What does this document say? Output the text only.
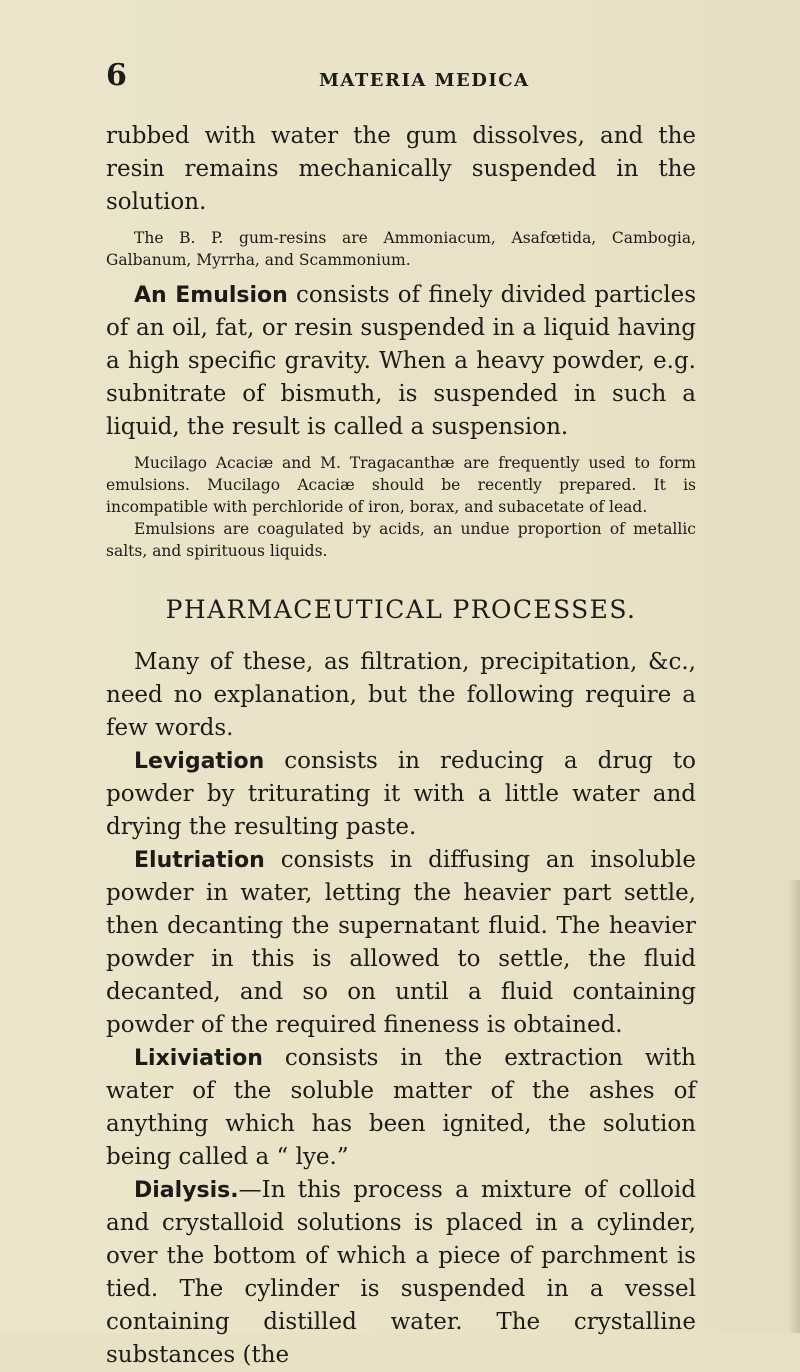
6	MATERIA MEDICA

rubbed with water the gum dissolves, and the resin remains mechanically suspended in the solution.

The B. P. gum-resins are Ammoniacum, Asafœtida, Cambogia, Galbanum, Myrrha, and Scammonium.

An Emulsion consists of finely divided particles of an oil, fat, or resin suspended in a liquid having a high specific gravity. When a heavy powder, e.g. subnitrate of bismuth, is suspended in such a liquid, the result is called a suspension.

Mucilago Acaciæ and M. Tragacanthæ are frequently used to form emulsions. Mucilago Acaciæ should be recently prepared. It is incompatible with perchloride of iron, borax, and subacetate of lead.

Emulsions are coagulated by acids, an undue proportion of metallic salts, and spirituous liquids.

PHARMACEUTICAL PROCESSES.

Many of these, as filtration, precipitation, &c., need no explanation, but the following require a few words.

Levigation consists in reducing a drug to powder by triturating it with a little water and drying the resulting paste.

Elutriation consists in diffusing an insoluble powder in water, letting the heavier part settle, then decanting the supernatant fluid. The heavier powder in this is allowed to settle, the fluid decanted, and so on until a fluid containing powder of the required fineness is obtained.

Lixiviation consists in the extraction with water of the soluble matter of the ashes of anything which has been ignited, the solution being called a “ lye.”

Dialysis.—In this process a mixture of colloid and crystalloid solutions is placed in a cylinder, over the bottom of which a piece of parchment is tied. The cylinder is suspended in a vessel containing distilled water. The crystalline substances (the
